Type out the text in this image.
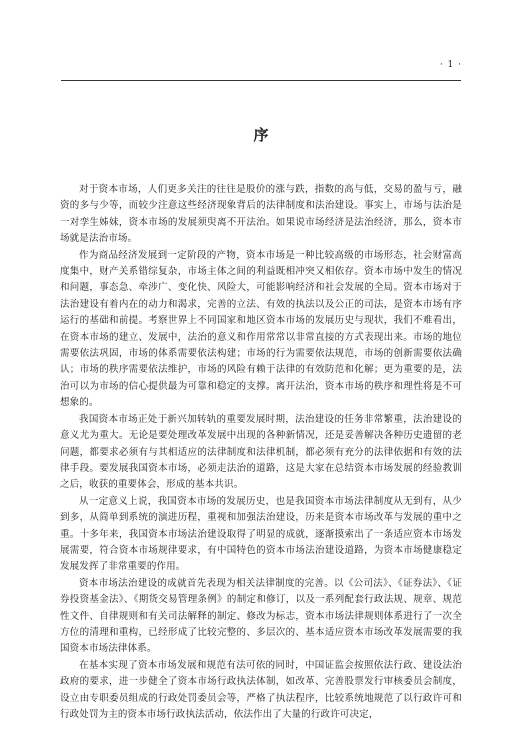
· 1 ·
序

对于资本市场，人们更多关注的往往是股价的涨与跌，指数的高与低，交易的盈与亏，融资的多与少等，而较少注意这些经济现象背后的法律制度和法治建设。事实上，市场与法治是一对孪生姊妹，资本市场的发展须臾离不开法治。如果说市场经济是法治经济，那么，资本市场就是法治市场。

作为商品经济发展到一定阶段的产物，资本市场是一种比较高级的市场形态，社会财富高度集中，财产关系错综复杂，市场主体之间的利益既相冲突又相依存。资本市场中发生的情况和问题，事态急、牵涉广、变化快、风险大，可能影响经济和社会发展的全局。资本市场对于法治建设有着内在的动力和渴求，完善的立法、有效的执法以及公正的司法，是资本市场有序运行的基础和前提。考察世界上不同国家和地区资本市场的发展历史与现状，我们不难看出，在资本市场的建立、发展中，法治的意义和作用常常以非常直接的方式表现出来。市场的地位需要依法巩固，市场的体系需要依法构建；市场的行为需要依法规范，市场的创新需要依法确认；市场的秩序需要依法维护，市场的风险有赖于法律的有效防范和化解；更为重要的是，法治可以为市场的信心提供最为可靠和稳定的支撑。离开法治，资本市场的秩序和理性将是不可想象的。

我国资本市场正处于新兴加转轨的重要发展时期，法治建设的任务非常繁重，法治建设的意义尤为重大。无论是要处理改革发展中出现的各种新情况，还是妥善解决各种历史遗留的老问题，都要求必须有与其相适应的法律制度和法律机制，都必须有充分的法律依据和有效的法律手段。要发展我国资本市场，必须走法治的道路，这是大家在总结资本市场发展的经验教训之后，收获的重要体会，形成的基本共识。

从一定意义上说，我国资本市场的发展历史，也是我国资本市场法律制度从无到有，从少到多，从简单到系统的演进历程，重视和加强法治建设，历来是资本市场改革与发展的重中之重。十多年来，我国资本市场法治建设取得了明显的成就，逐渐摸索出了一条适应资本市场发展需要，符合资本市场规律要求，有中国特色的资本市场法治建设道路，为资本市场健康稳定发展发挥了非常重要的作用。

资本市场法治建设的成就首先表现为相关法律制度的完善。以《公司法》、《证券法》、《证券投资基金法》、《期货交易管理条例》的制定和修订，以及一系列配套行政法规、规章、规范性文件、自律规则和有关司法解释的制定、修改为标志，资本市场法律规则体系进行了一次全方位的清理和重构，已经形成了比较完整的、多层次的、基本适应资本市场改革发展需要的我国资本市场法律体系。

在基本实现了资本市场发展和规范有法可依的同时，中国证监会按照依法行政、建设法治政府的要求，进一步健全了资本市场行政执法体制，如改革、完善股票发行审核委员会制度，设立由专职委员组成的行政处罚委员会等，严格了执法程序，比较系统地规范了以行政许可和行政处罚为主的资本市场行政执法活动，依法作出了大量的行政许可决定，
